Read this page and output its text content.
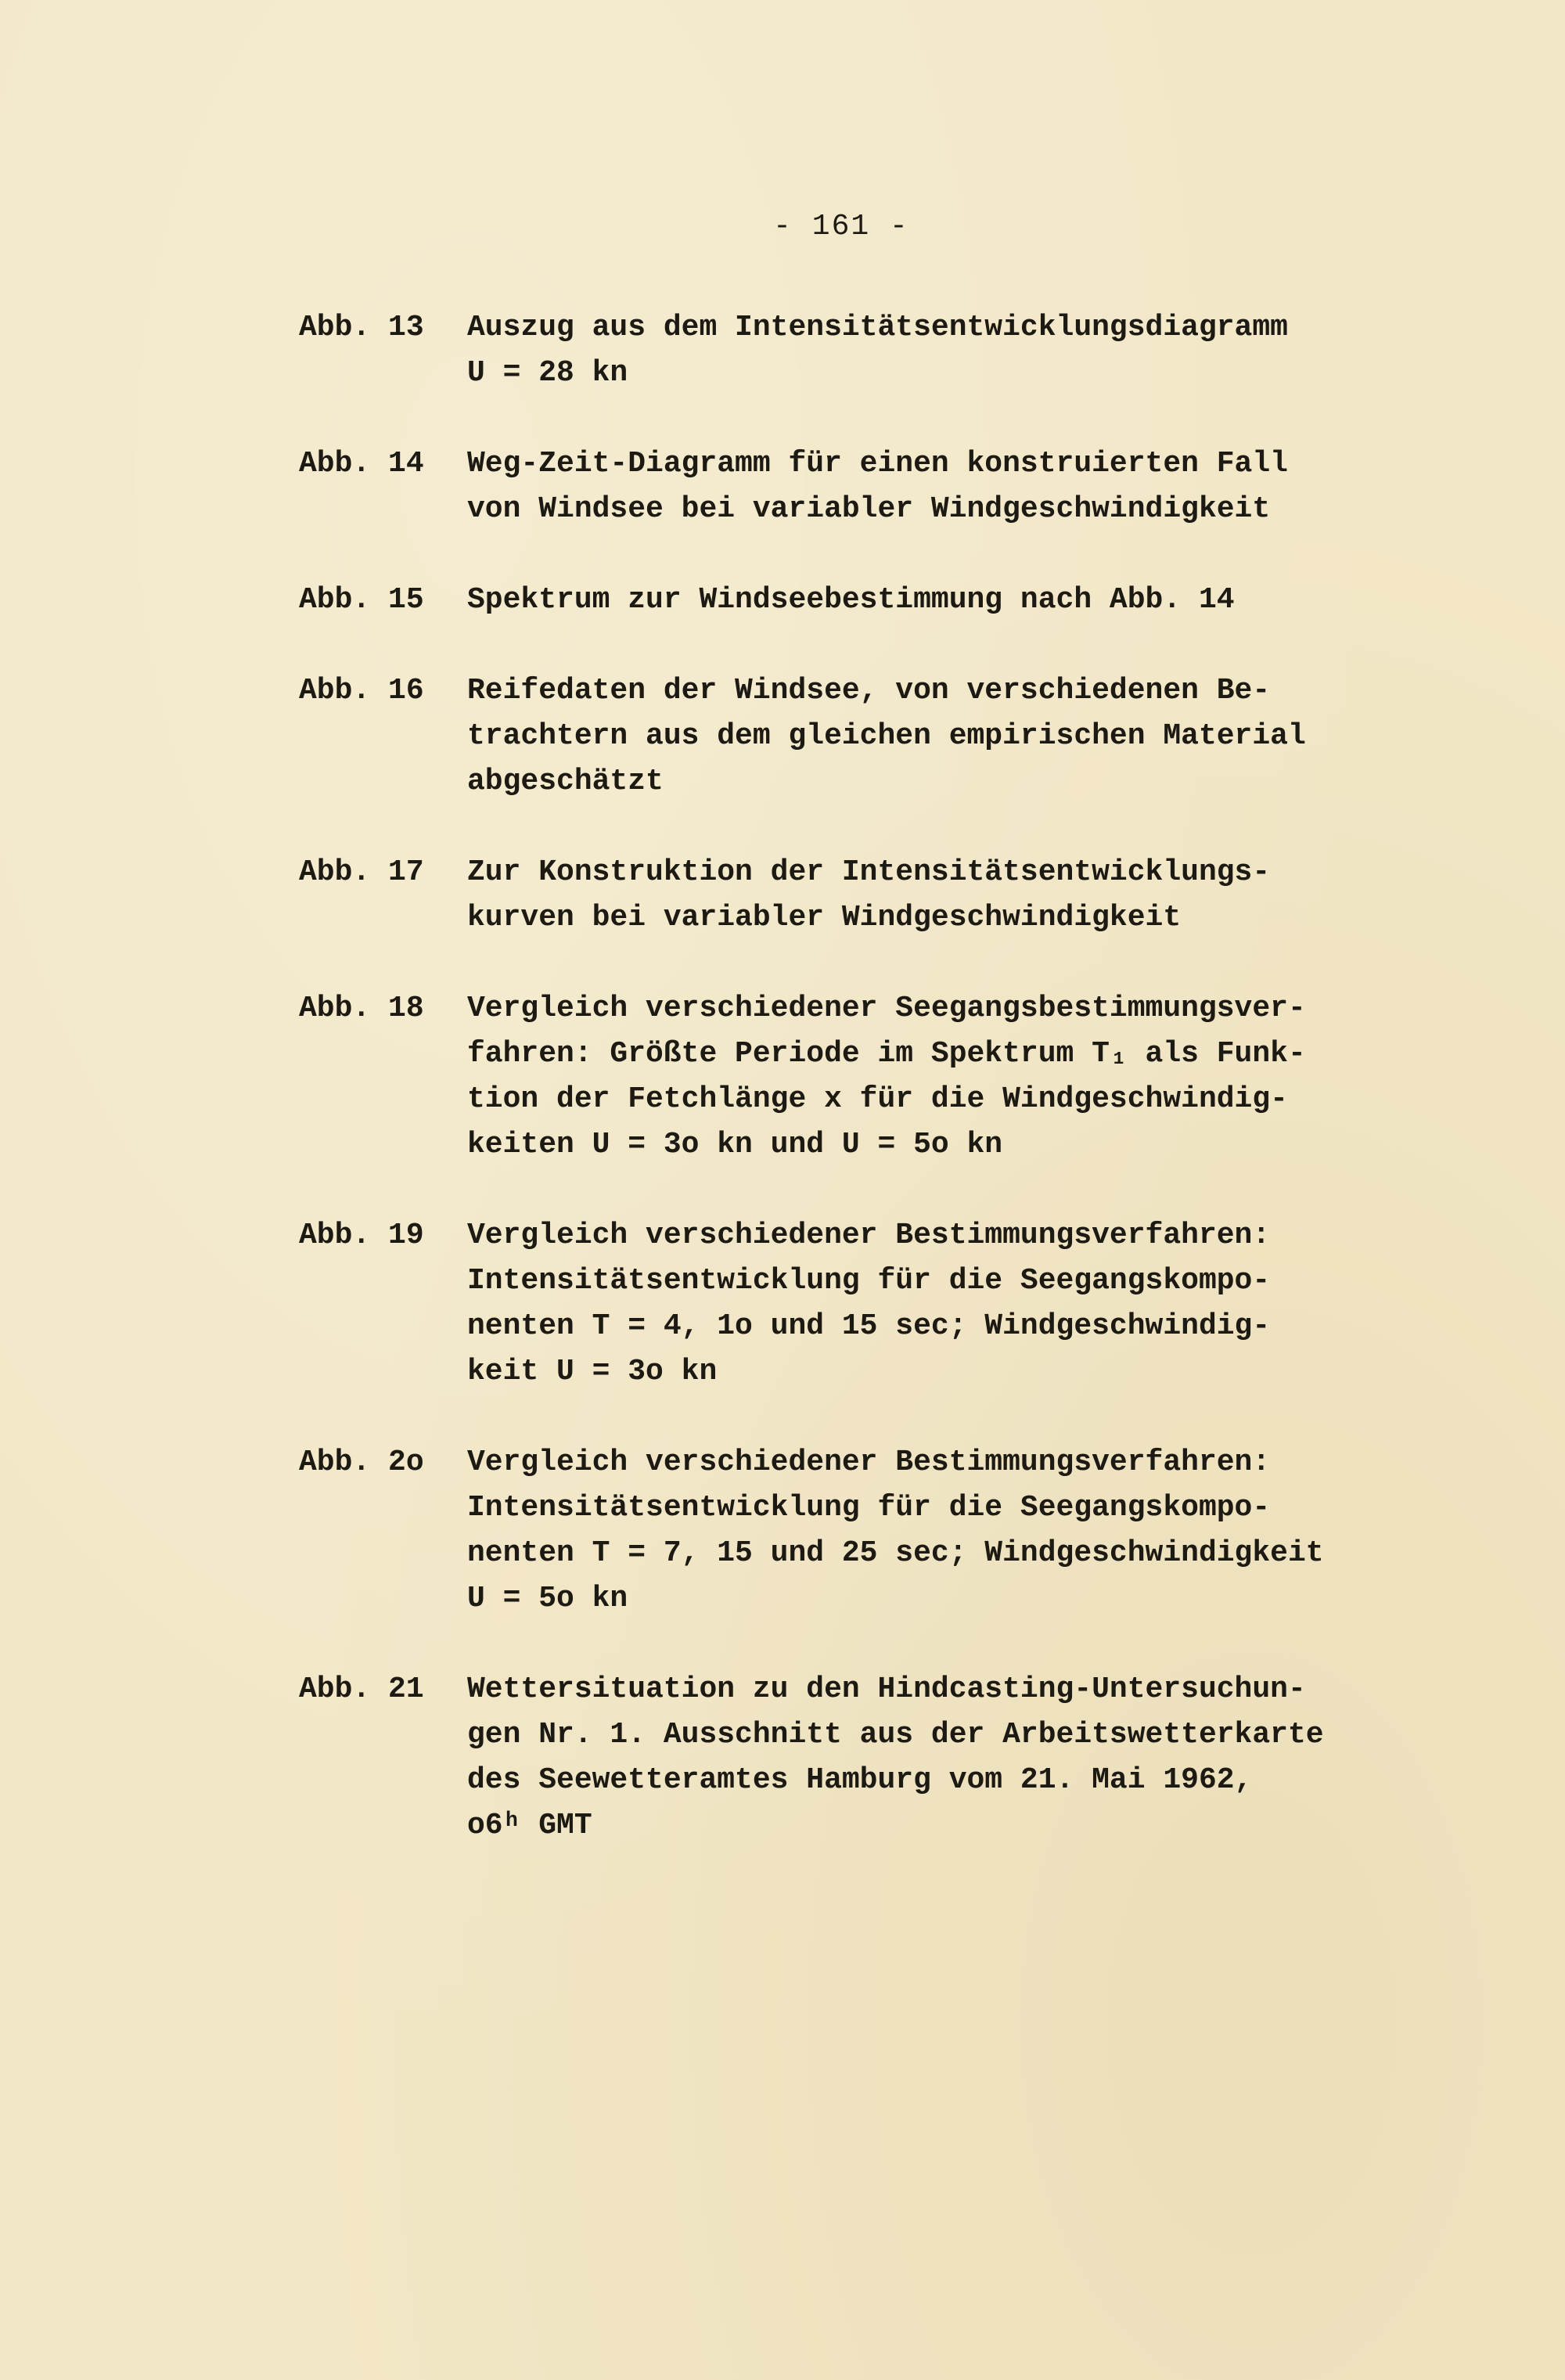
- 161 -
Abb. 13	Auszug aus dem Intensitätsentwicklungsdiagramm
U = 28 kn
Abb. 14	Weg-Zeit-Diagramm für einen konstruierten Fall
von Windsee bei variabler Windgeschwindigkeit
Abb. 15	Spektrum zur Windseebestimmung nach Abb. 14
Abb. 16	Reifedaten der Windsee, von verschiedenen Be-
trachtern aus dem gleichen empirischen Material
abgeschätzt
Abb. 17	Zur Konstruktion der Intensitätsentwicklungs-
kurven bei variabler Windgeschwindigkeit
Abb. 18	Vergleich verschiedener Seegangsbestimmungsver-
fahren: Größte Periode im Spektrum T₁ als Funk-
tion der Fetchlänge x für die Windgeschwindig-
keiten U = 3o kn und U = 5o kn
Abb. 19	Vergleich verschiedener Bestimmungsverfahren:
Intensitätsentwicklung für die Seegangskompo-
nenten T = 4, 1o und 15 sec; Windgeschwindig-
keit U = 3o kn
Abb. 2o	Vergleich verschiedener Bestimmungsverfahren:
Intensitätsentwicklung für die Seegangskompo-
nenten T = 7, 15 und 25 sec; Windgeschwindigkeit
U = 5o kn
Abb. 21	Wettersituation zu den Hindcasting-Untersuchun-
gen Nr. 1. Ausschnitt aus der Arbeitswetterkarte
des Seewetteramtes Hamburg vom 21. Mai 1962,
o6ʰ GMT
